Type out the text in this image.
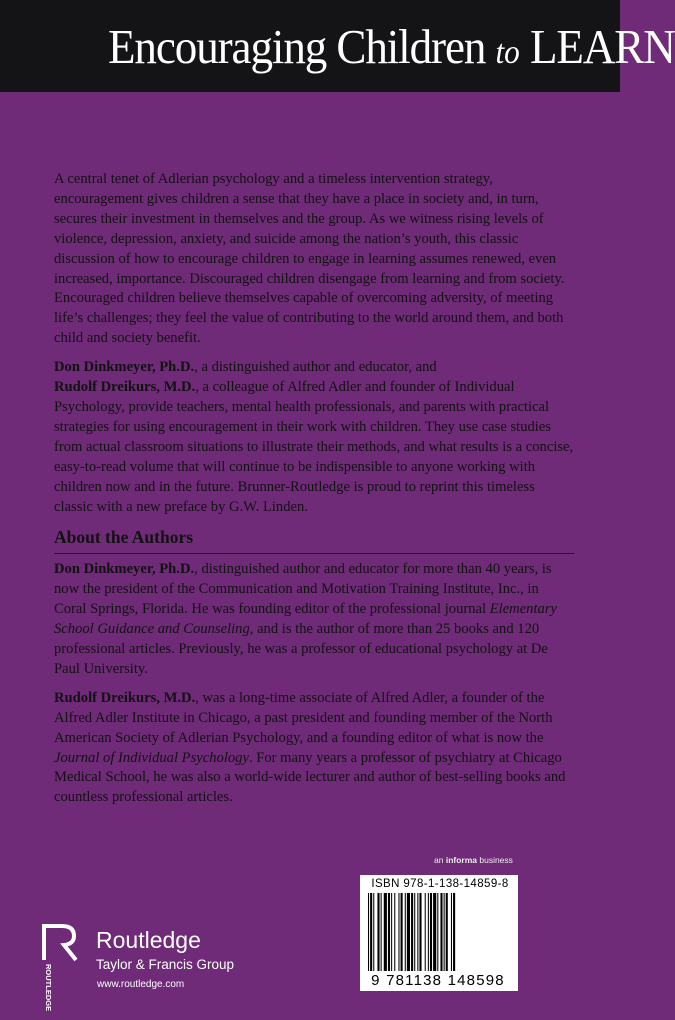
Encouraging Children to LEARN

A central tenet of Adlerian psychology and a timeless intervention strategy, encouragement gives children a sense that they have a place in society and, in turn, secures their investment in themselves and the group. As we witness rising levels of violence, depression, anxiety, and suicide among the nation’s youth, this classic discussion of how to encourage children to engage in learning assumes renewed, even increased, importance. Discouraged children disengage from learning and from society. Encouraged children believe themselves capable of overcoming adversity, of meeting life’s challenges; they feel the value of contributing to the world around them, and both child and society benefit.

Don Dinkmeyer, Ph.D., a distinguished author and educator, and
Rudolf Dreikurs, M.D., a colleague of Alfred Adler and founder of Individual Psychology, provide teachers, mental health professionals, and parents with practical strategies for using encouragement in their work with children. They use case studies from actual classroom situations to illustrate their methods, and what results is a concise, easy-to-read volume that will continue to be indispensible to anyone working with children now and in the future. Brunner-Routledge is proud to reprint this timeless classic with a new preface by G.W. Linden.

About the Authors

Don Dinkmeyer, Ph.D., distinguished author and educator for more than 40 years, is now the president of the Communication and Motivation Training Institute, Inc., in Coral Springs, Florida. He was founding editor of the professional journal Elementary School Guidance and Counseling, and is the author of more than 25 books and 120 professional articles. Previously, he was a professor of educational psychology at De Paul University.

Rudolf Dreikurs, M.D., was a long-time associate of Alfred Adler, a founder of the Alfred Adler Institute in Chicago, a past president and founding member of the North American Society of Adlerian Psychology, and a founding editor of what is now the Journal of Individual Psychology. For many years a professor of psychiatry at Chicago Medical School, he was also a world-wide lecturer and author of best-selling books and countless professional articles.

an informa business
ROUTLEDGE
Routledge
Taylor & Francis Group
www.routledge.com
ISBN 978-1-138-14859-8
9 781138 148598
